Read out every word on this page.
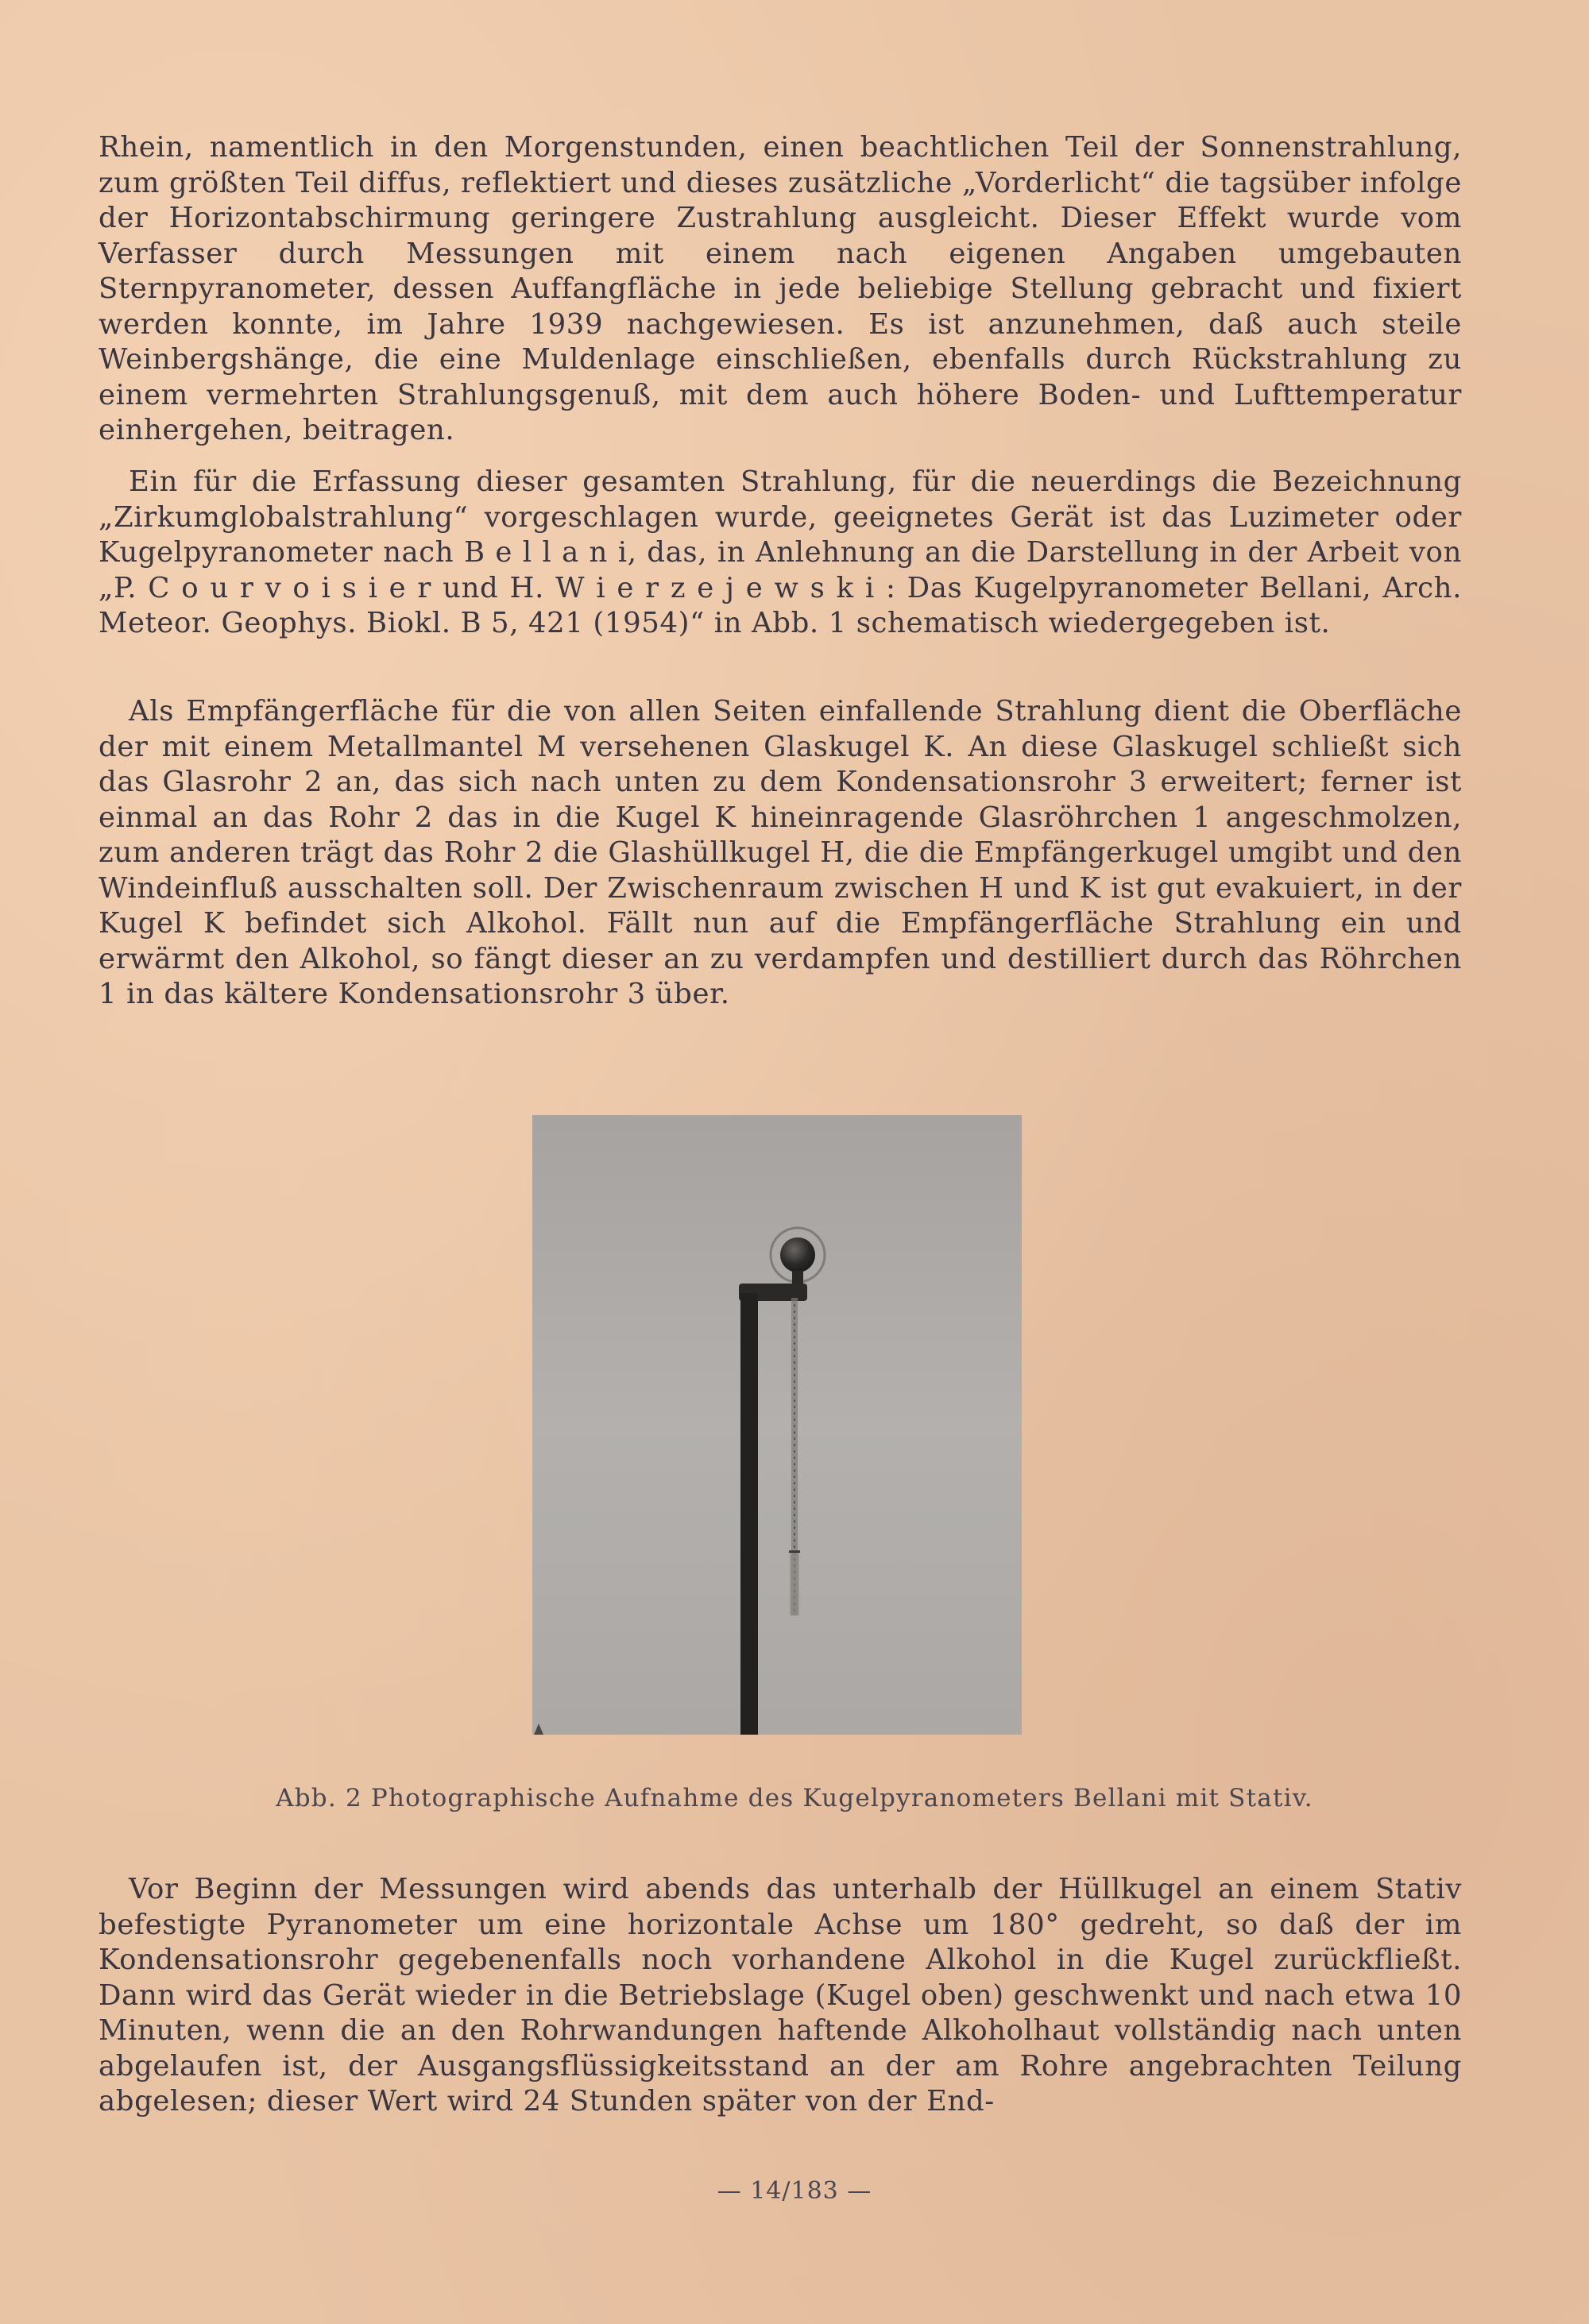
Rhein, namentlich in den Morgenstunden, einen beachtlichen Teil der Sonnenstrahlung, zum größten Teil diffus, reflektiert und dieses zusätzliche „Vorderlicht“ die tagsüber infolge der Horizontabschirmung geringere Zustrahlung ausgleicht. Dieser Effekt wurde vom Verfasser durch Messungen mit einem nach eigenen Angaben umgebauten Sternpyranometer, dessen Auffangfläche in jede beliebige Stellung gebracht und fixiert werden konnte, im Jahre 1939 nachgewiesen. Es ist anzunehmen, daß auch steile Weinbergshänge, die eine Muldenlage einschließen, ebenfalls durch Rückstrahlung zu einem vermehrten Strahlungsgenuß, mit dem auch höhere Boden- und Lufttemperatur einhergehen, beitragen.

Ein für die Erfassung dieser gesamten Strahlung, für die neuerdings die Bezeichnung „Zirkumglobalstrahlung“ vorgeschlagen wurde, geeignetes Gerät ist das Luzimeter oder Kugelpyranometer nach B e l l a n i, das, in Anlehnung an die Darstellung in der Arbeit von „P. C o u r v o i s i e r und H. W i e r z e j e w s k i : Das Kugelpyranometer Bellani, Arch. Meteor. Geophys. Biokl. B 5, 421 (1954)“ in Abb. 1 schematisch wiedergegeben ist.

Als Empfängerfläche für die von allen Seiten einfallende Strahlung dient die Oberfläche der mit einem Metallmantel M versehenen Glaskugel K. An diese Glaskugel schließt sich das Glasrohr 2 an, das sich nach unten zu dem Kondensationsrohr 3 erweitert; ferner ist einmal an das Rohr 2 das in die Kugel K hineinragende Glasröhrchen 1 angeschmolzen, zum anderen trägt das Rohr 2 die Glashüllkugel H, die die Empfängerkugel umgibt und den Windeinfluß ausschalten soll. Der Zwischenraum zwischen H und K ist gut evakuiert, in der Kugel K befindet sich Alkohol. Fällt nun auf die Empfängerfläche Strahlung ein und erwärmt den Alkohol, so fängt dieser an zu verdampfen und destilliert durch das Röhrchen 1 in das kältere Kondensationsrohr 3 über.

Abb. 2 Photographische Aufnahme des Kugelpyranometers Bellani mit Stativ.

Vor Beginn der Messungen wird abends das unterhalb der Hüllkugel an einem Stativ befestigte Pyranometer um eine horizontale Achse um 180° gedreht, so daß der im Kondensationsrohr gegebenenfalls noch vorhandene Alkohol in die Kugel zurückfließt. Dann wird das Gerät wieder in die Betriebslage (Kugel oben) geschwenkt und nach etwa 10 Minuten, wenn die an den Rohrwandungen haftende Alkoholhaut vollständig nach unten abgelaufen ist, der Ausgangsflüssigkeitsstand an der am Rohre angebrachten Teilung abgelesen; dieser Wert wird 24 Stunden später von der End-

— 14/183 —
